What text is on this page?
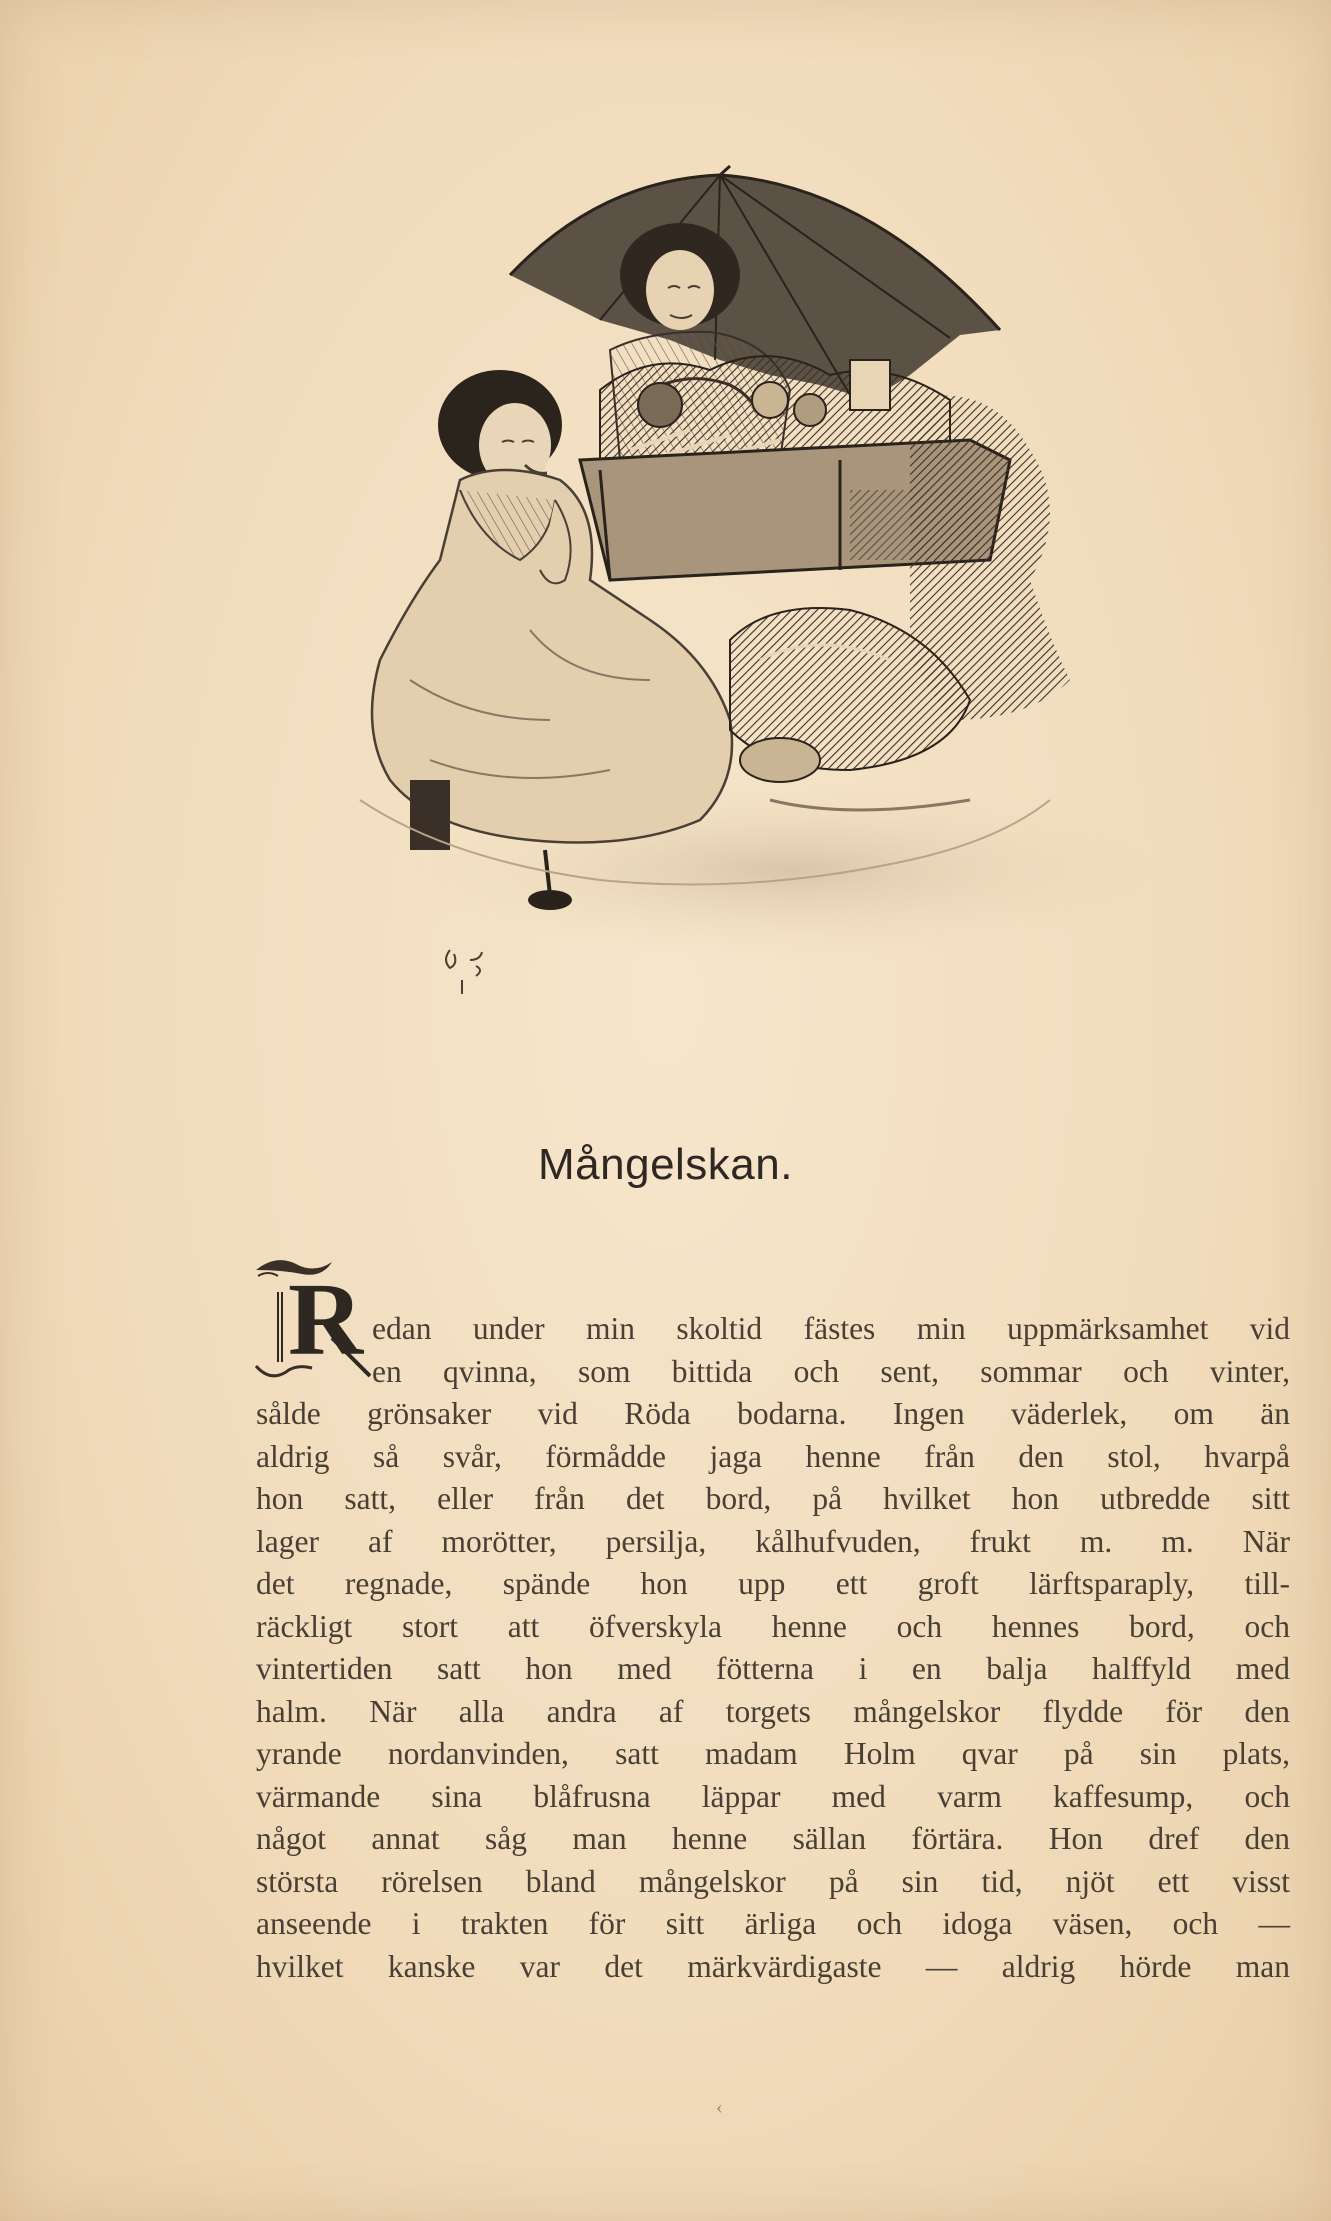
Mångelskan.
R edan under min skoltid fästes min uppmärksamhet vid
en qvinna, som bittida och sent, sommar och vinter,
sålde grönsaker vid Röda bodarna. Ingen väderlek, om än
aldrig så svår, förmådde jaga henne från den stol, hvarpå
hon satt, eller från det bord, på hvilket hon utbredde sitt
lager af morötter, persilja, kålhufvuden, frukt m. m. När
det regnade, spände hon upp ett groft lärftsparaply, till-
räckligt stort att öfverskyla henne och hennes bord, och
vintertiden satt hon med fötterna i en balja halffyld med
halm. När alla andra af torgets mångelskor flydde för den
yrande nordanvinden, satt madam Holm qvar på sin plats,
värmande sina blåfrusna läppar med varm kaffesump, och
något annat såg man henne sällan förtära. Hon dref den
största rörelsen bland mångelskor på sin tid, njöt ett visst
anseende i trakten för sitt ärliga och idoga väsen, och —
hvilket kanske var det märkvärdigaste — aldrig hörde man
‹
